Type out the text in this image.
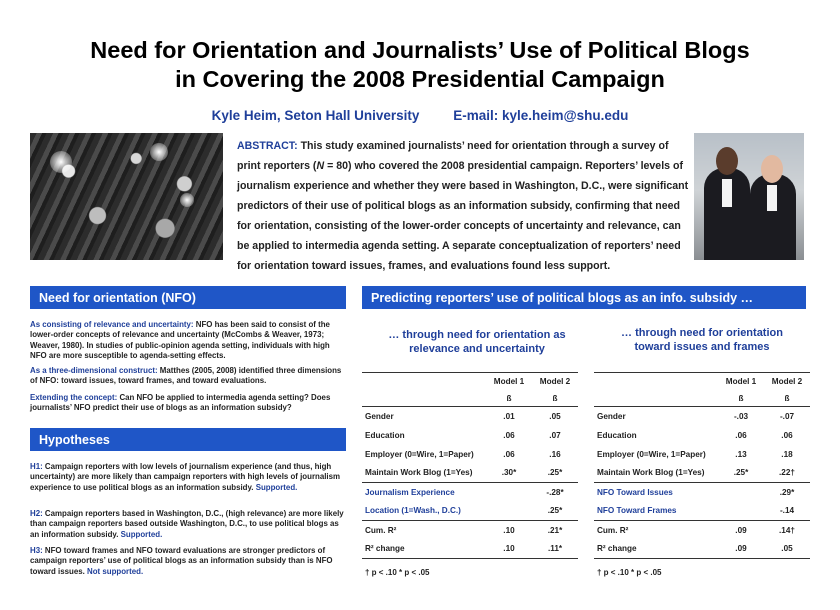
Need for Orientation and Journalists’ Use of Political Blogs
in Covering the 2008 Presidential Campaign
Kyle Heim, Seton Hall University	E-mail: kyle.heim@shu.edu
ABSTRACT: This study examined journalists’ need for orientation through a survey of print reporters (N = 80) who covered the 2008 presidential campaign. Reporters’ levels of journalism experience and whether they were based in Washington, D.C., were significant predictors of their use of political blogs as an information subsidy, confirming that need for orientation, consisting of the lower-order concepts of uncertainty and relevance, can be applied to intermedia agenda setting. A separate conceptualization of reporters’ need for orientation toward issues, frames, and evaluations found less support.
Need for orientation (NFO)
As consisting of relevance and uncertainty: NFO has been said to consist of the lower-order concepts of relevance and uncertainty (McCombs & Weaver, 1973; Weaver, 1980). In studies of public-opinion agenda setting, individuals with high NFO are more susceptible to agenda-setting effects.
As a three-dimensional construct: Matthes (2005, 2008) identified three dimensions of NFO: toward issues, toward frames, and toward evaluations.
Extending the concept: Can NFO be applied to intermedia agenda setting? Does journalists’ NFO predict their use of blogs as an information subsidy?
Hypotheses
H1: Campaign reporters with low levels of journalism experience (and thus, high uncertainty) are more likely than campaign reporters with high levels of journalism experience to use political blogs as an information subsidy. Supported.
H2: Campaign reporters based in Washington, D.C., (high relevance) are more likely than campaign reporters based outside Washington, D.C., to use political blogs as an information subsidy. Supported.
H3: NFO toward frames and NFO toward evaluations are stronger predictors of campaign reporters’ use of political blogs as an information subsidy than is NFO toward issues. Not supported.
Predicting reporters’ use of political blogs as an info. subsidy …
… through need for orientation as
relevance and uncertainty
… through need for orientation
toward issues and frames
	Model 1	Model 2
	ß	ß
Gender	.01	.05
Education	.06	.07
Employer (0=Wire, 1=Paper)	.06	.16
Maintain Work Blog (1=Yes)	.30*	.25*
Journalism Experience		-.28*
Location (1=Wash., D.C.)		.25*
Cum. R²	.10	.21*
R² change	.10	.11*
† p < .10 * p < .05
	Model 1	Model 2
	ß	ß
Gender	-.03	-.07
Education	.06	.06
Employer (0=Wire, 1=Paper)	.13	.18
Maintain Work Blog (1=Yes)	.25*	.22†
NFO Toward Issues		.29*
NFO Toward Frames		-.14
Cum. R²	.09	.14†
R² change	.09	.05
† p < .10 * p < .05
